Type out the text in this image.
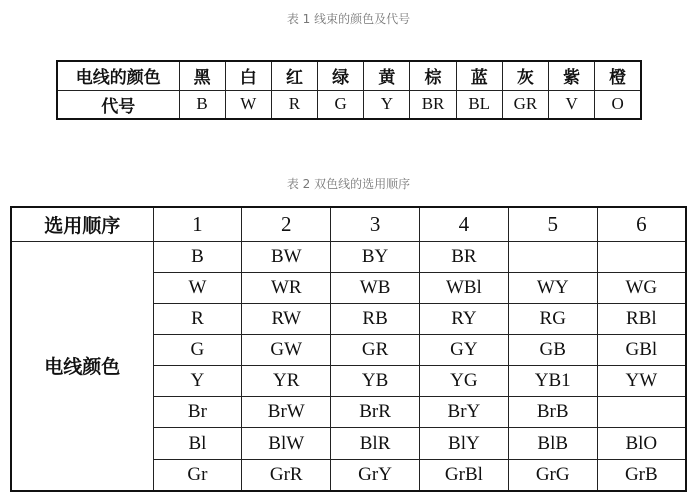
表 1 线束的颜色及代号
电线的颜色	黑	白	红	绿	黄	棕	蓝	灰	紫	橙
代号	B	W	R	G	Y	BR	BL	GR	V	O
表 2 双色线的选用顺序
选用顺序	1	2	3	4	5	6
电线颜色	B	BW	BY	BR		
	W	WR	WB	WBl	WY	WG
	R	RW	RB	RY	RG	RBl
	G	GW	GR	GY	GB	GBl
	Y	YR	YB	YG	YB1	YW
	Br	BrW	BrR	BrY	BrB	
	Bl	BlW	BlR	BlY	BlB	BlO
	Gr	GrR	GrY	GrBl	GrG	GrB
